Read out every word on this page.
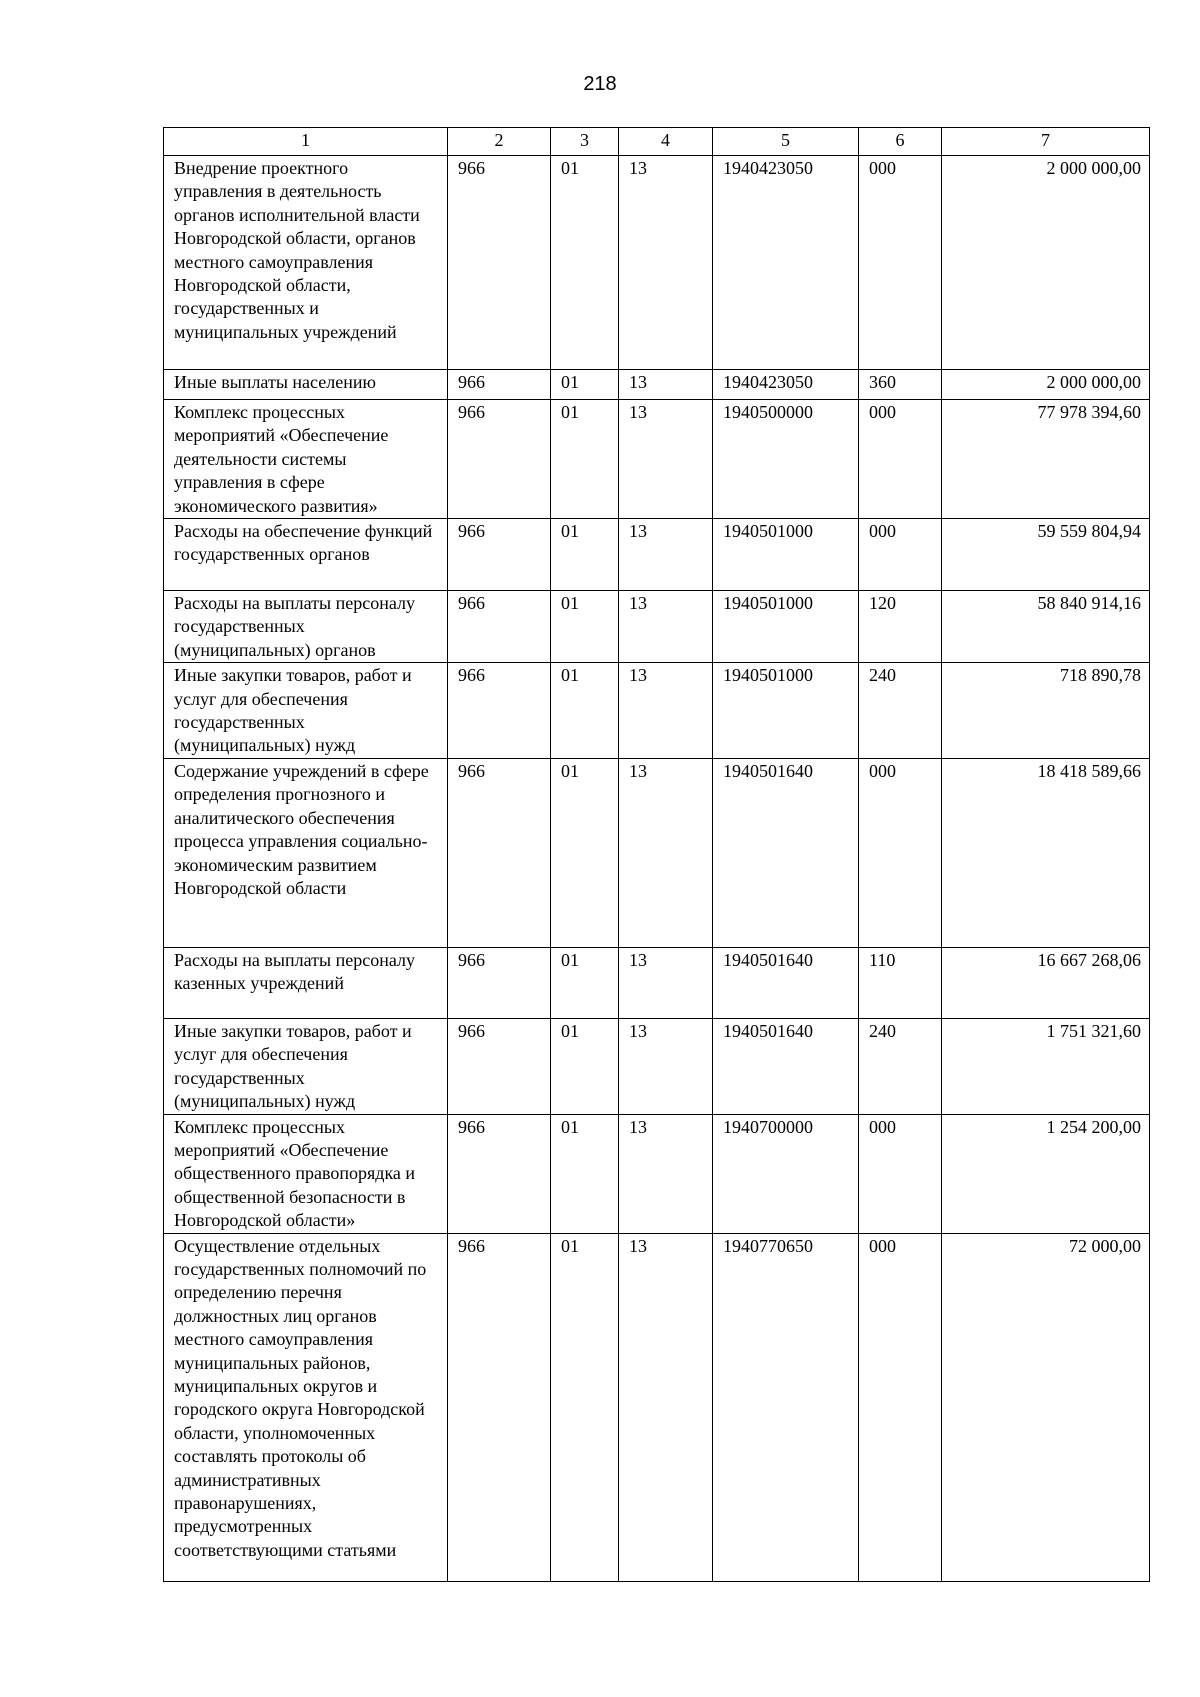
218
1	2	3	4	5	6	7
Внедрение проектного управления в деятельность органов исполнительной власти Новгородской области, органов местного самоуправления Новгородской области, государственных и муниципальных учреждений	966	01	13	1940423050	000	2 000 000,00
Иные выплаты населению	966	01	13	1940423050	360	2 000 000,00
Комплекс процессных мероприятий «Обеспечение деятельности системы управления в сфере экономического развития»	966	01	13	1940500000	000	77 978 394,60
Расходы на обеспечение функций государственных органов	966	01	13	1940501000	000	59 559 804,94
Расходы на выплаты персоналу государственных (муниципальных) органов	966	01	13	1940501000	120	58 840 914,16
Иные закупки товаров, работ и услуг для обеспечения государственных (муниципальных) нужд	966	01	13	1940501000	240	718 890,78
Содержание учреждений в сфере определения прогнозного и аналитического обеспечения процесса управления социально-экономическим развитием Новгородской области	966	01	13	1940501640	000	18 418 589,66
Расходы на выплаты персоналу казенных учреждений	966	01	13	1940501640	110	16 667 268,06
Иные закупки товаров, работ и услуг для обеспечения государственных (муниципальных) нужд	966	01	13	1940501640	240	1 751 321,60
Комплекс процессных мероприятий «Обеспечение общественного правопорядка и общественной безопасности в Новгородской области»	966	01	13	1940700000	000	1 254 200,00
Осуществление отдельных государственных полномочий по определению перечня должностных лиц органов местного самоуправления муниципальных районов, муниципальных округов и городского округа Новгородской области, уполномоченных составлять протоколы об административных правонарушениях, предусмотренных соответствующими статьями	966	01	13	1940770650	000	72 000,00
